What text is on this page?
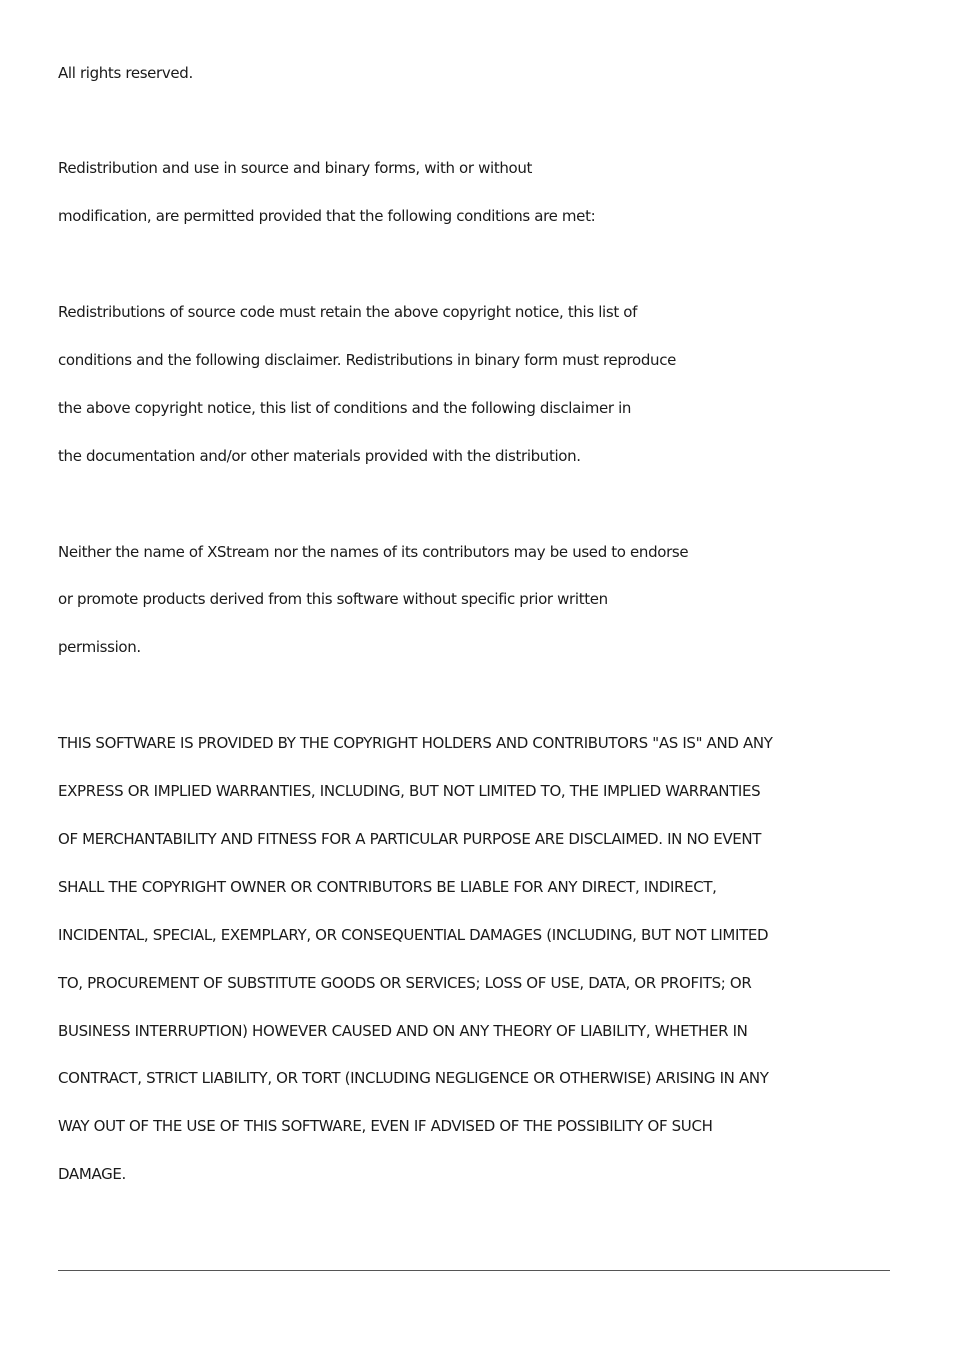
All rights reserved.
Redistribution and use in source and binary forms, with or without
modification, are permitted provided that the following conditions are met:
Redistributions of source code must retain the above copyright notice, this list of
conditions and the following disclaimer. Redistributions in binary form must reproduce
the above copyright notice, this list of conditions and the following disclaimer in
the documentation and/or other materials provided with the distribution.
Neither the name of XStream nor the names of its contributors may be used to endorse
or promote products derived from this software without specific prior written
permission.
THIS SOFTWARE IS PROVIDED BY THE COPYRIGHT HOLDERS AND CONTRIBUTORS "AS IS" AND ANY
EXPRESS OR IMPLIED WARRANTIES, INCLUDING, BUT NOT LIMITED TO, THE IMPLIED WARRANTIES
OF MERCHANTABILITY AND FITNESS FOR A PARTICULAR PURPOSE ARE DISCLAIMED. IN NO EVENT
SHALL THE COPYRIGHT OWNER OR CONTRIBUTORS BE LIABLE FOR ANY DIRECT, INDIRECT,
INCIDENTAL, SPECIAL, EXEMPLARY, OR CONSEQUENTIAL DAMAGES (INCLUDING, BUT NOT LIMITED
TO, PROCUREMENT OF SUBSTITUTE GOODS OR SERVICES; LOSS OF USE, DATA, OR PROFITS; OR
BUSINESS INTERRUPTION) HOWEVER CAUSED AND ON ANY THEORY OF LIABILITY, WHETHER IN
CONTRACT, STRICT LIABILITY, OR TORT (INCLUDING NEGLIGENCE OR OTHERWISE) ARISING IN ANY
WAY OUT OF THE USE OF THIS SOFTWARE, EVEN IF ADVISED OF THE POSSIBILITY OF SUCH
DAMAGE.
